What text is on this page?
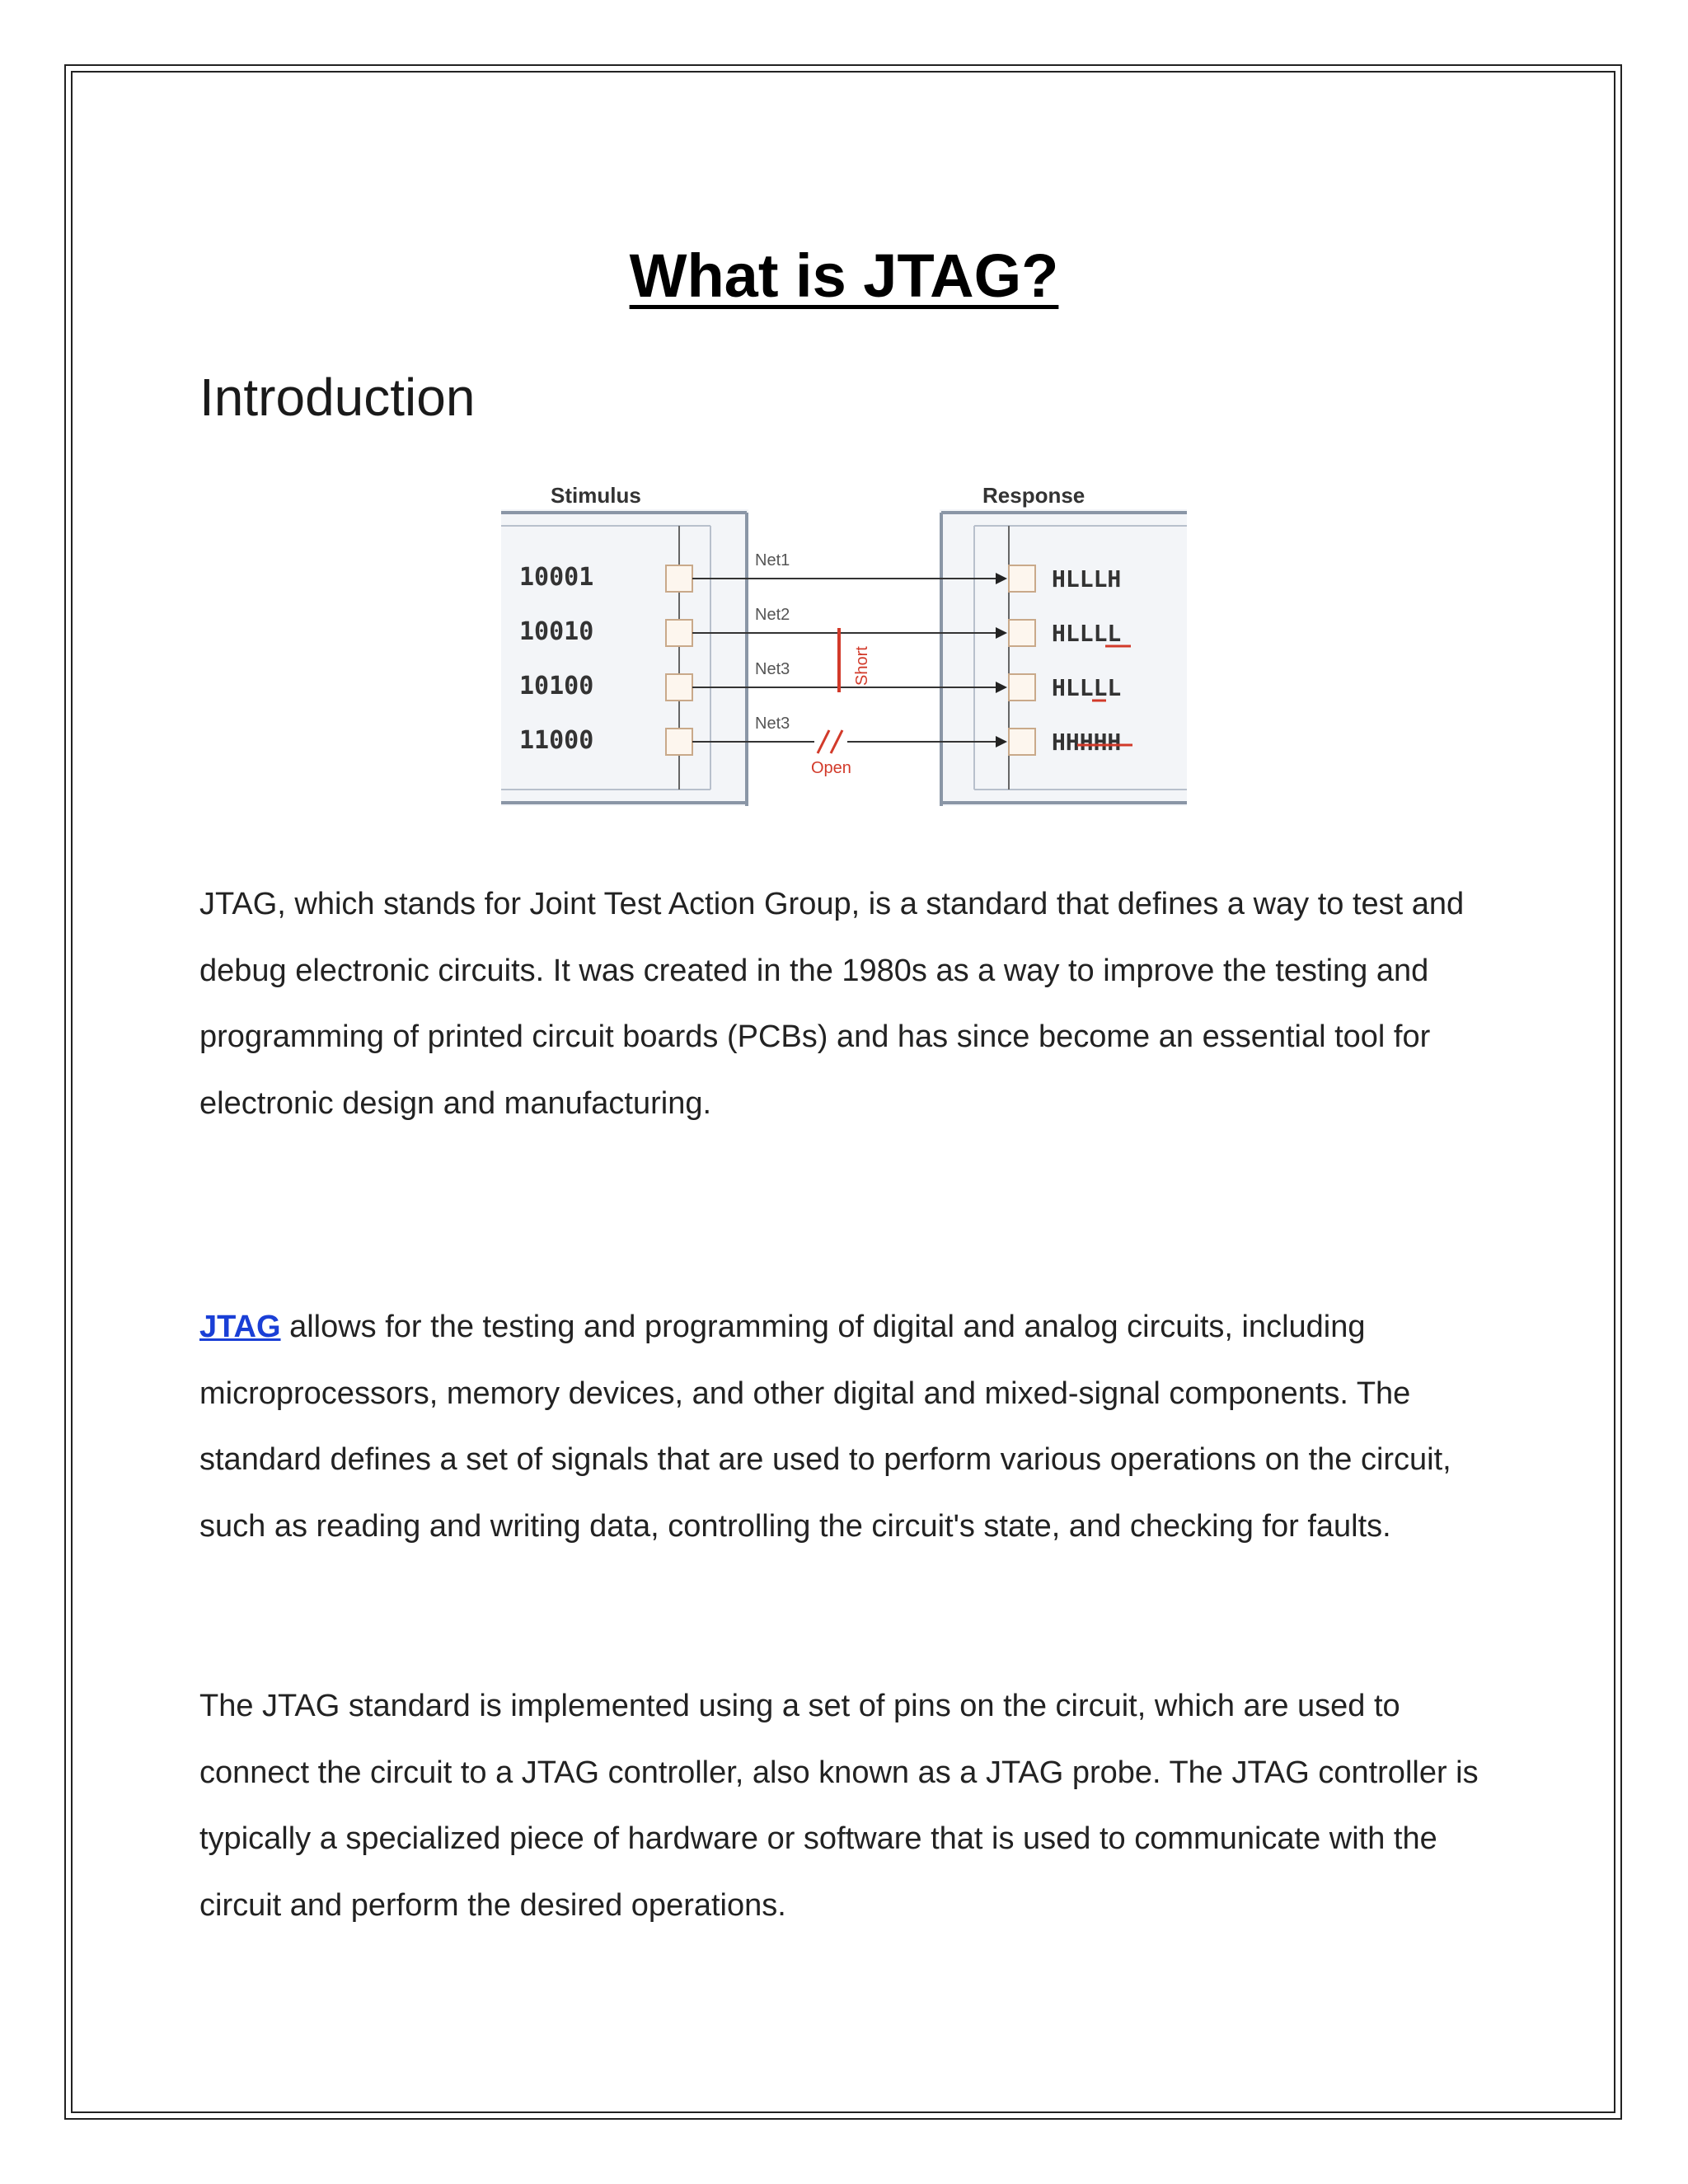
What is JTAG?
Introduction
Stimulus	Response
10001
Net1
HLLLH
10010
Net2
HLLLL
10100
Net3
HLLLL
Short
11000
Net3
Open
HHHHH

JTAG, which stands for Joint Test Action Group, is a standard that defines a way to test and debug electronic circuits. It was created in the 1980s as a way to improve the testing and programming of printed circuit boards (PCBs) and has since become an essential tool for electronic design and manufacturing.

JTAG allows for the testing and programming of digital and analog circuits, including microprocessors, memory devices, and other digital and mixed-signal components. The standard defines a set of signals that are used to perform various operations on the circuit, such as reading and writing data, controlling the circuit's state, and checking for faults.

The JTAG standard is implemented using a set of pins on the circuit, which are used to connect the circuit to a JTAG controller, also known as a JTAG probe. The JTAG controller is typically a specialized piece of hardware or software that is used to communicate with the circuit and perform the desired operations.
